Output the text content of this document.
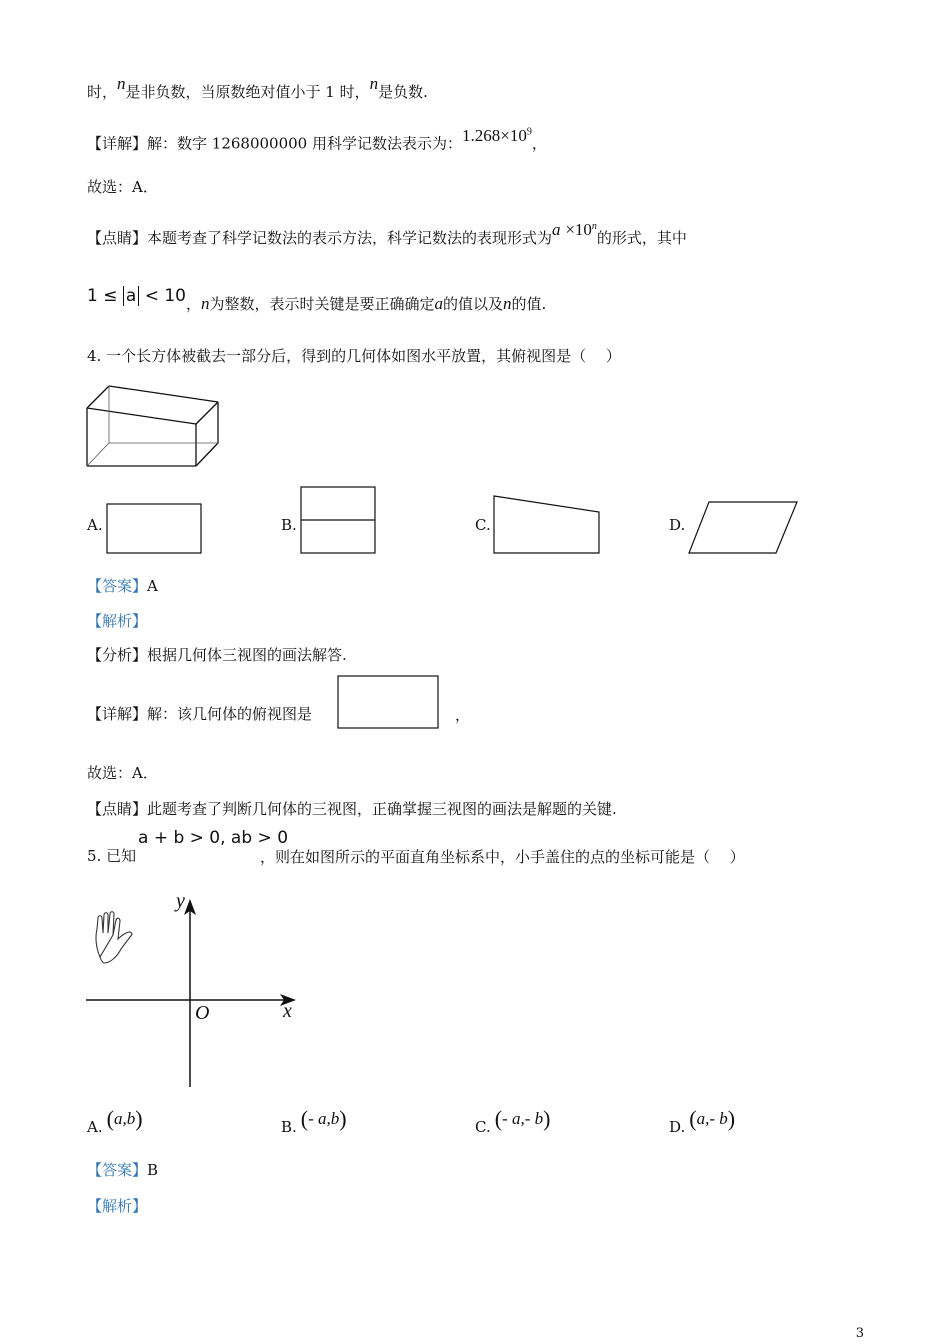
时，n是非负数，当原数绝对值小于 1 时，n是负数.
【详解】解：数字 1268000000 用科学记数法表示为：$1.268\times 10^9$，
故选：A．
【点睛】本题考查了科学记数法的表示方法，科学记数法的表现形式为$a \times 10^n$的形式，其中
1 ≤ a < 10，n为整数，表示时关键是要正确确定a的值以及n的值.
4. 一个长方体被截去一部分后，得到的几何体如图水平放置，其俯视图是（　 ）
A.	B.	C.	D.
【答案】A
【解析】
【分析】根据几何体三视图的画法解答.
【详解】解：该几何体的俯视图是	，
故选：A．
【点睛】此题考查了判断几何体的三视图，正确掌握三视图的画法是解题的关键.
5. 已知
a + b > 0, ab > 0
，则在如图所示的平面直角坐标系中，小手盖住的点的坐标可能是（　 ）
y
x
O
A. (a,b)	B. (- a,b)	C. (- a,- b)	D. (a,- b)
【答案】B
【解析】
3
